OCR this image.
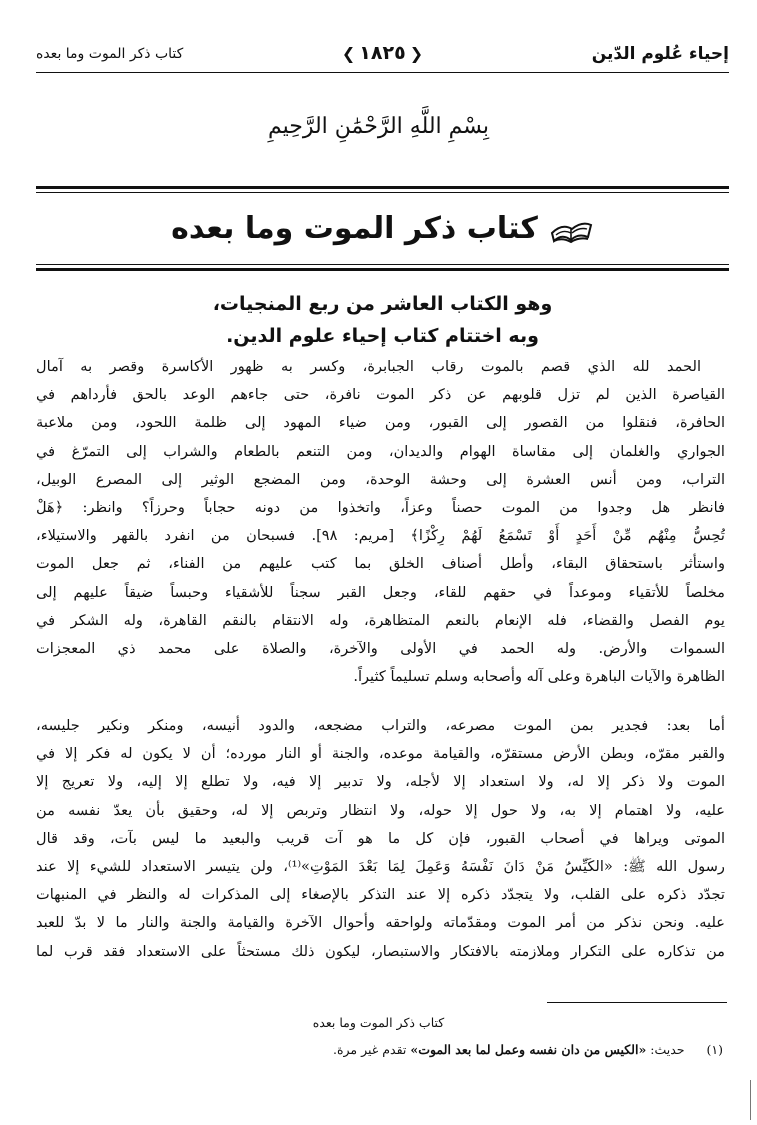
إحياء عُلوم الدّين
❮ ١٨٢٥ ❯
كتاب ذكر الموت وما بعده
بِسْمِ اللَّهِ الرَّحْمَٰنِ الرَّحِيمِ
كتاب ذكر الموت وما بعده
وهو الكتاب العاشر من ربع المنجيات،
وبه اختتام كتاب إحياء علوم الدين.
الحمد لله الذي قصم بالموت رقاب الجبابرة، وكسر به ظهور الأكاسرة وقصر به آمال
القياصرة الذين لم تزل قلوبهم عن ذكر الموت نافرة، حتى جاءهم الوعد بالحق فأرداهم في
الحافرة، فنقلوا من القصور إلى القبور، ومن ضياء المهود إلى ظلمة اللحود، ومن ملاعبة
الجواري والغلمان إلى مقاساة الهوام والديدان، ومن التنعم بالطعام والشراب إلى التمرّغ في
التراب، ومن أنس العشرة إلى وحشة الوحدة، ومن المضجع الوثير إلى المصرع الوبيل،
فانظر هل وجدوا من الموت حصناً وعزاً، واتخذوا من دونه حجاباً وحرزاً؟ وانظر: ﴿هَلْ
تُحِسُّ مِنْهُم مِّنْ أَحَدٍ أَوْ تَسْمَعُ لَهُمْ رِكْزًا﴾ [مريم: ٩٨]. فسبحان من انفرد بالقهر والاستيلاء،
واستأثر باستحقاق البقاء، وأطل أصناف الخلق بما كتب عليهم من الفناء، ثم جعل الموت
مخلصاً للأتقياء وموعداً في حقهم للقاء، وجعل القبر سجناً للأشقياء وحبساً ضيقاً عليهم إلى
يوم الفصل والقضاء، فله الإنعام بالنعم المتظاهرة، وله الانتقام بالنقم القاهرة، وله الشكر في
السموات والأرض. وله الحمد في الأولى والآخرة، والصلاة على محمد ذي المعجزات
الظاهرة والآيات الباهرة وعلى آله وأصحابه وسلم تسليماً كثيراً.
أما بعد: فجدير بمن الموت مصرعه، والتراب مضجعه، والدود أنيسه، ومنكر ونكير جليسه،
والقبر مقرّه، وبطن الأرض مستقرّه، والقيامة موعده، والجنة أو النار مورده؛ أن لا يكون له فكر إلا في
الموت ولا ذكر إلا له، ولا استعداد إلا لأجله، ولا تدبير إلا فيه، ولا تطلع إلا إليه، ولا تعريج إلا
عليه، ولا اهتمام إلا به، ولا حول إلا حوله، ولا انتظار وتربص إلا له، وحقيق بأن يعدّ نفسه من
الموتى ويراها في أصحاب القبور، فإن كل ما هو آت قريب والبعيد ما ليس بآت، وقد قال
رسول الله ﷺ: «الكَيِّسُ مَنْ دَانَ نَفْسَهُ وَعَمِلَ لِمَا بَعْدَ المَوْتِ»⁽¹⁾، ولن يتيسر الاستعداد للشيء إلا عند
تجدّد ذكره على القلب، ولا يتجدّد ذكره إلا عند التذكر بالإصغاء إلى المذكرات له والنظر في المنبهات
عليه. ونحن نذكر من أمر الموت ومقدّماته ولواحقه وأحوال الآخرة والقيامة والجنة والنار ما لا بدّ للعبد
من تذكاره على التكرار وملازمته بالافتكار والاستبصار، ليكون ذلك مستحثاً على الاستعداد فقد قرب لما
كتاب ذكر الموت وما بعده
(١) حديث: «الكيس من دان نفسه وعمل لما بعد الموت» تقدم غير مرة.
